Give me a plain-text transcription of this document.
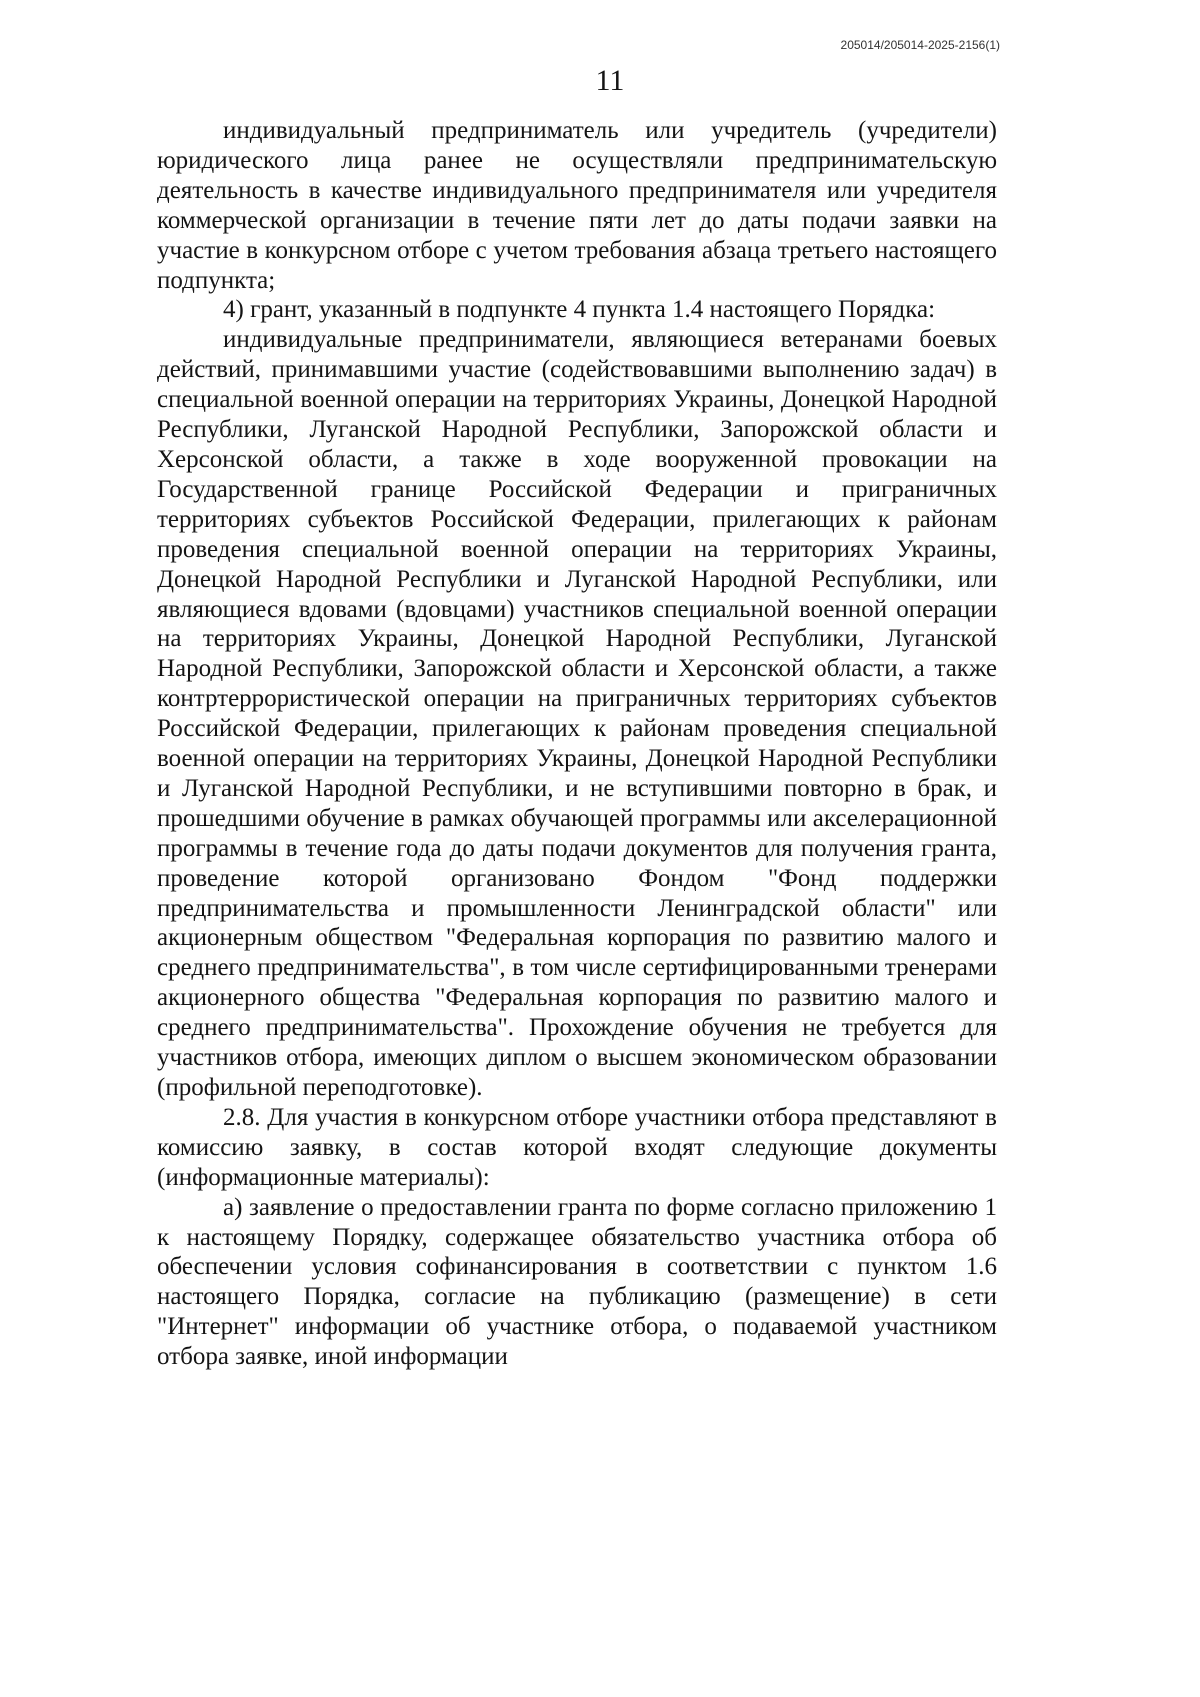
205014/205014-2025-2156(1)
11

индивидуальный предприниматель или учредитель (учредители) юридического лица ранее не осуществляли предпринимательскую деятельность в качестве индивидуального предпринимателя или учредителя коммерческой организации в течение пяти лет до даты подачи заявки на участие в конкурсном отборе с учетом требования абзаца третьего настоящего подпункта;

4) грант, указанный в подпункте 4 пункта 1.4 настоящего Порядка:

индивидуальные предприниматели, являющиеся ветеранами боевых действий, принимавшими участие (содействовавшими выполнению задач) в специальной военной операции на территориях Украины, Донецкой Народной Республики, Луганской Народной Республики, Запорожской области и Херсонской области, а также в ходе вооруженной провокации на Государственной границе Российской Федерации и приграничных территориях субъектов Российской Федерации, прилегающих к районам проведения специальной военной операции на территориях Украины, Донецкой Народной Республики и Луганской Народной Республики, или являющиеся вдовами (вдовцами) участников специальной военной операции на территориях Украины, Донецкой Народной Республики, Луганской Народной Республики, Запорожской области и Херсонской области, а также контртеррористической операции на приграничных территориях субъектов Российской Федерации, прилегающих к районам проведения специальной военной операции на территориях Украины, Донецкой Народной Республики и Луганской Народной Республики, и не вступившими повторно в брак, и прошедшими обучение в рамках обучающей программы или акселерационной программы в течение года до даты подачи документов для получения гранта, проведение которой организовано Фондом "Фонд поддержки предпринимательства и промышленности Ленинградской области" или акционерным обществом "Федеральная корпорация по развитию малого и среднего предпринимательства", в том числе сертифицированными тренерами акционерного общества "Федеральная корпорация по развитию малого и среднего предпринимательства". Прохождение обучения не требуется для участников отбора, имеющих диплом о высшем экономическом образовании (профильной переподготовке).

2.8. Для участия в конкурсном отборе участники отбора представляют в комиссию заявку, в состав которой входят следующие документы (информационные материалы):

а) заявление о предоставлении гранта по форме согласно приложению 1 к настоящему Порядку, содержащее обязательство участника отбора об обеспечении условия софинансирования в соответствии с пунктом 1.6 настоящего Порядка, согласие на публикацию (размещение) в сети "Интернет" информации об участнике отбора, о подаваемой участником отбора заявке, иной информации
